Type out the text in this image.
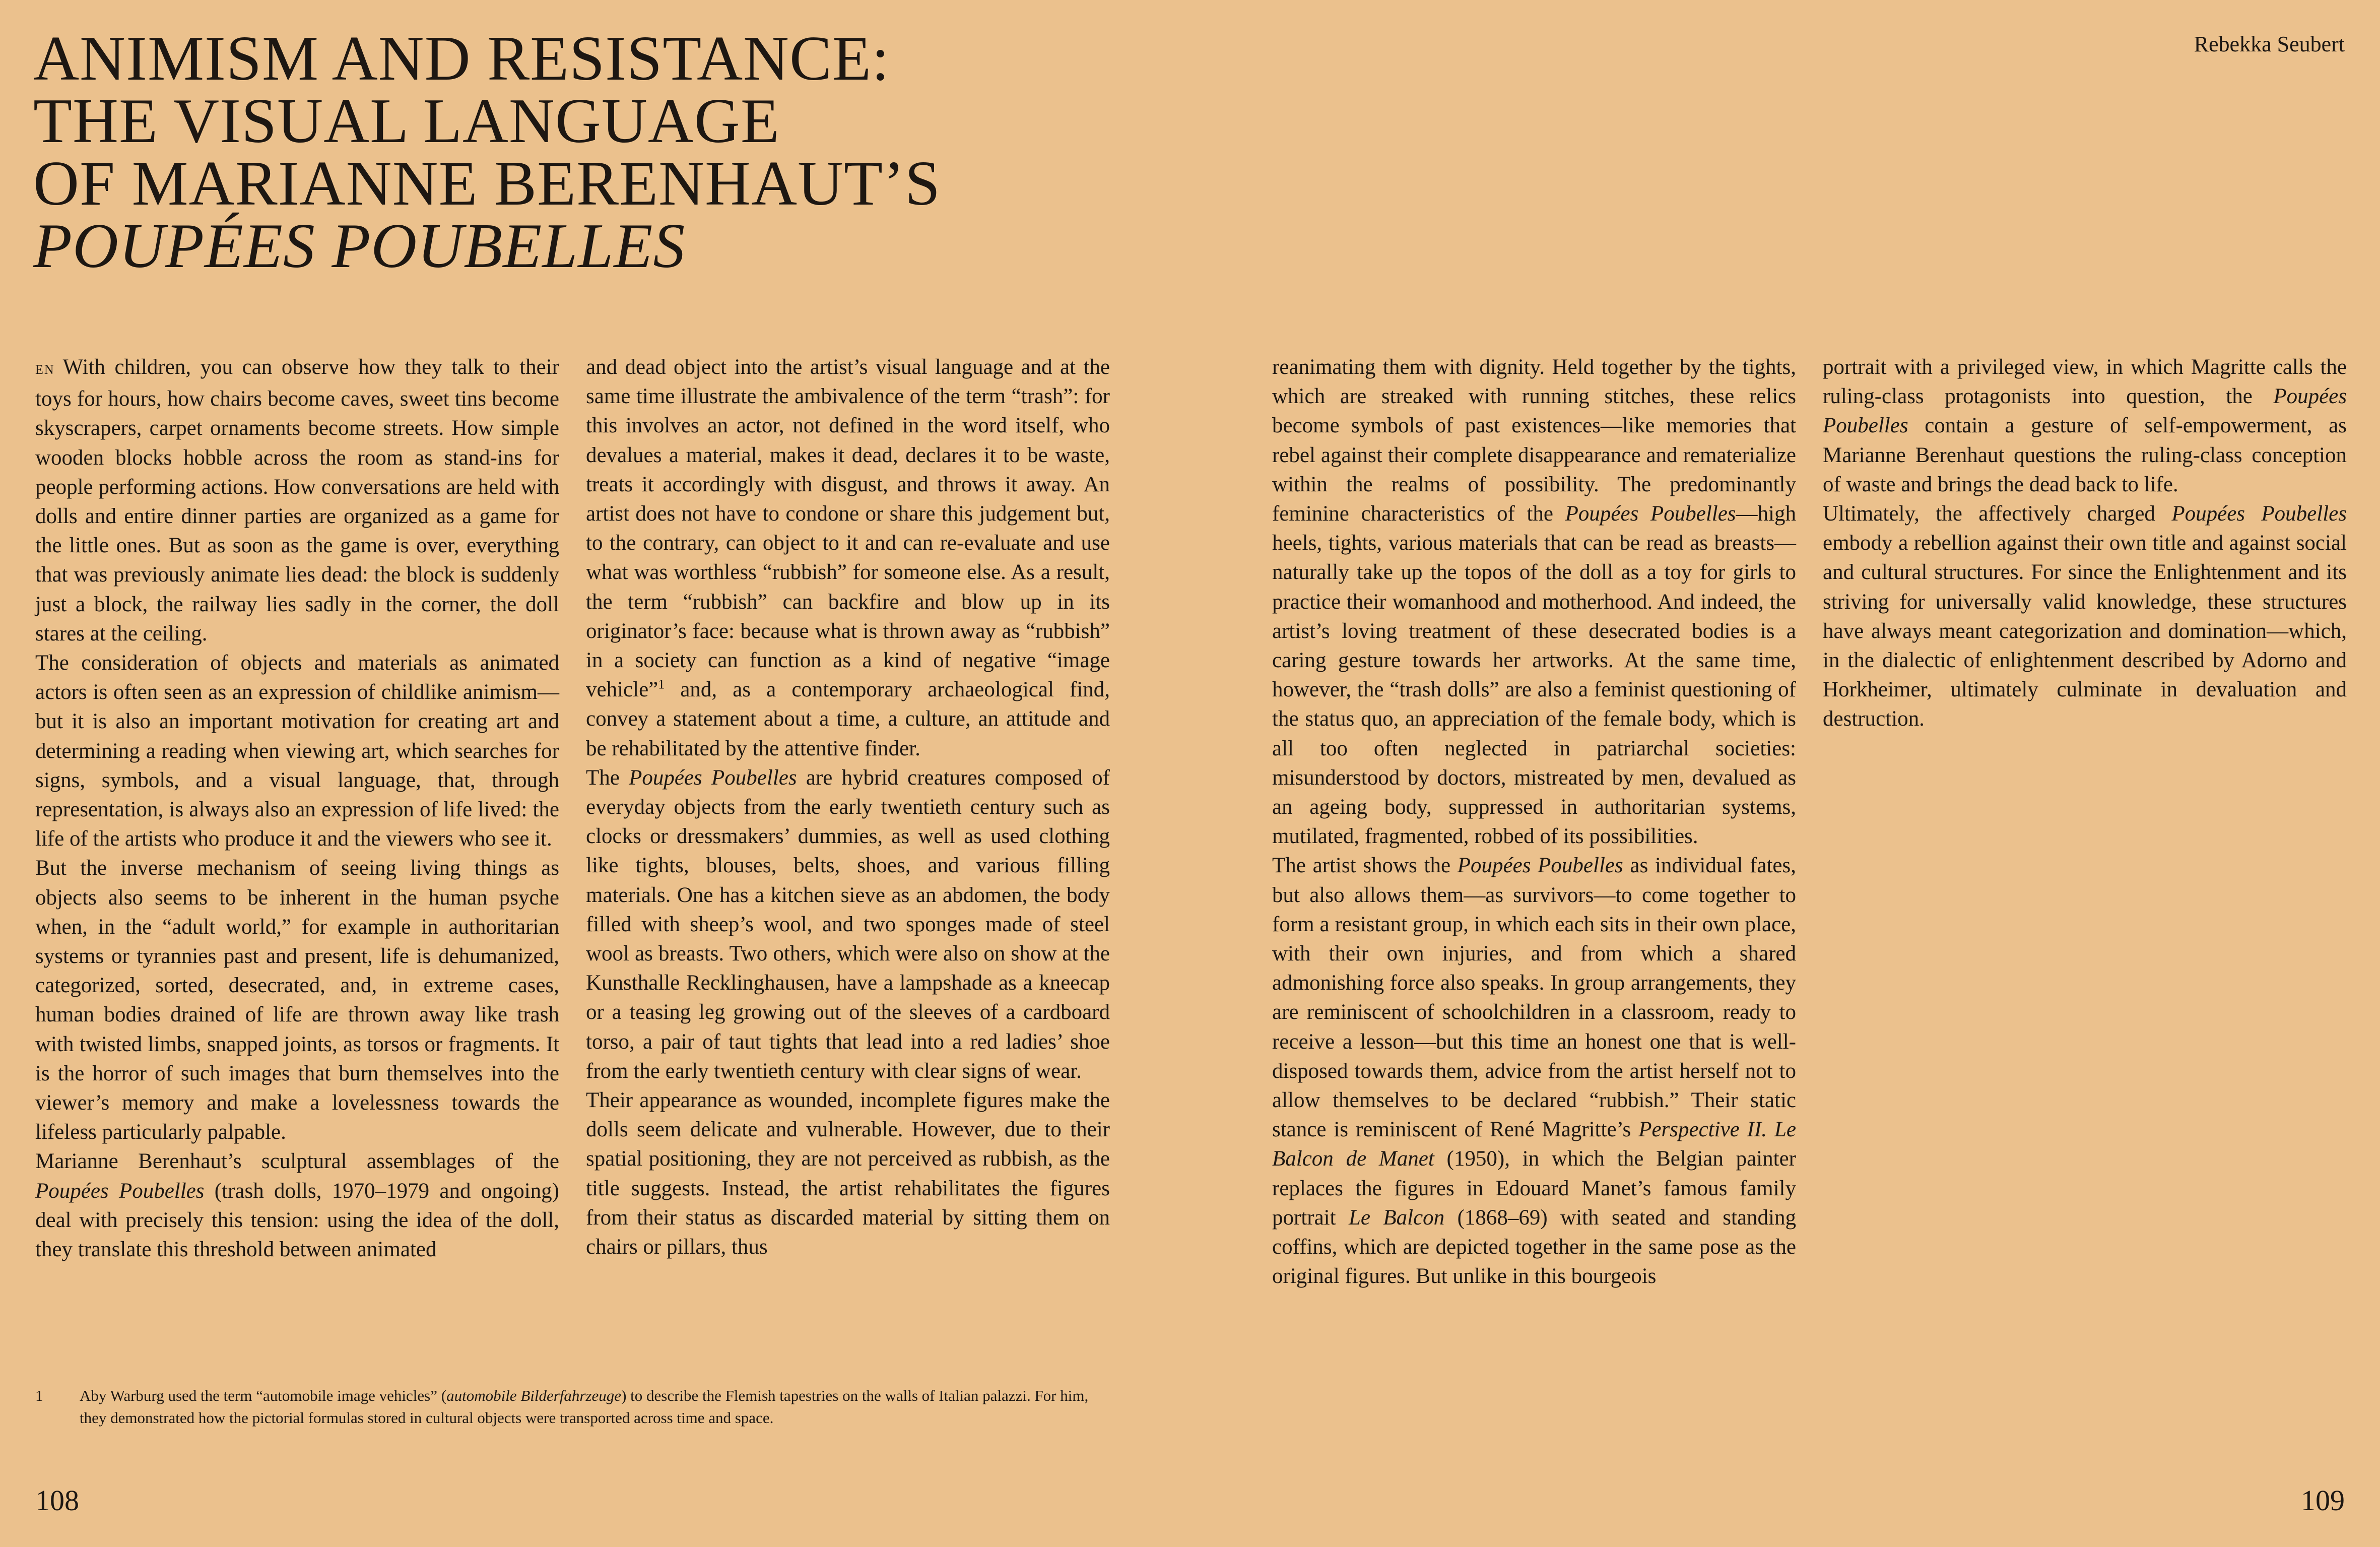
ANIMISM AND RESISTANCE:
THE VISUAL LANGUAGE
OF MARIANNE BERENHAUT’S
POUPÉES POUBELLES
Rebekka Seubert

EN With children, you can observe how they talk to their toys for hours, how chairs become caves, sweet tins become skyscrapers, carpet ornaments become streets. How simple wooden blocks hobble across the room as stand-ins for people performing actions. How conversations are held with dolls and entire dinner parties are organized as a game for the little ones. But as soon as the game is over, everything that was previously animate lies dead: the block is suddenly just a block, the railway lies sadly in the corner, the doll stares at the ceiling.

The consideration of objects and materials as animated actors is often seen as an expression of childlike animism—but it is also an important motivation for creating art and determining a reading when viewing art, which searches for signs, symbols, and a visual language, that, through representation, is always also an expression of life lived: the life of the artists who produce it and the viewers who see it.

But the inverse mechanism of seeing living things as objects also seems to be inherent in the human psyche when, in the “adult world,” for example in authoritarian systems or tyrannies past and present, life is dehumanized, categorized, sorted, desecrated, and, in extreme cases, human bodies drained of life are thrown away like trash with twisted limbs, snapped joints, as torsos or fragments. It is the horror of such images that burn themselves into the viewer’s memory and make a lovelessness towards the lifeless particularly palpable.

Marianne Berenhaut’s sculptural assemblages of the Poupées Poubelles (trash dolls, 1970–1979 and ongoing) deal with precisely this tension: using the idea of the doll, they translate this threshold between animated

and dead object into the artist’s visual language and at the same time illustrate the ambivalence of the term “trash”: for this involves an actor, not defined in the word itself, who devalues a material, makes it dead, declares it to be waste, treats it accordingly with disgust, and throws it away. An artist does not have to condone or share this judgement but, to the contrary, can object to it and can re-evaluate and use what was worthless “rubbish” for someone else. As a result, the term “rubbish” can backfire and blow up in its originator’s face: because what is thrown away as “rubbish” in a society can function as a kind of negative “image vehicle”$^1$ and, as a contemporary archaeological find, convey a statement about a time, a culture, an attitude and be rehabilitated by the attentive finder.

The Poupées Poubelles are hybrid creatures composed of everyday objects from the early twentieth century such as clocks or dressmakers’ dummies, as well as used clothing like tights, blouses, belts, shoes, and various filling materials. One has a kitchen sieve as an abdomen, the body filled with sheep’s wool, and two sponges made of steel wool as breasts. Two others, which were also on show at the Kunsthalle Recklinghausen, have a lampshade as a kneecap or a teasing leg growing out of the sleeves of a cardboard torso, a pair of taut tights that lead into a red ladies’ shoe from the early twentieth century with clear signs of wear.

Their appearance as wounded, incomplete figures make the dolls seem delicate and vulnerable. However, due to their spatial positioning, they are not perceived as rubbish, as the title suggests. Instead, the artist rehabilitates the figures from their status as discarded material by sitting them on chairs or pillars, thus

reanimating them with dignity. Held together by the tights, which are streaked with running stitches, these relics become symbols of past existences—like memories that rebel against their complete disappearance and rematerialize within the realms of possibility. The predominantly feminine characteristics of the Poupées Poubelles—high heels, tights, various materials that can be read as breasts—naturally take up the topos of the doll as a toy for girls to practice their womanhood and motherhood. And indeed, the artist’s loving treatment of these desecrated bodies is a caring gesture towards her artworks. At the same time, however, the “trash dolls” are also a feminist questioning of the status quo, an appreciation of the female body, which is all too often neglected in patriarchal societies: misunderstood by doctors, mistreated by men, devalued as an ageing body, suppressed in authoritarian systems, mutilated, fragmented, robbed of its possibilities.

The artist shows the Poupées Poubelles as individual fates, but also allows them—as survivors—to come together to form a resistant group, in which each sits in their own place, with their own injuries, and from which a shared admonishing force also speaks. In group arrangements, they are reminiscent of schoolchildren in a classroom, ready to receive a lesson—but this time an honest one that is well-disposed towards them, advice from the artist herself not to allow themselves to be declared “rubbish.” Their static stance is reminiscent of René Magritte’s Perspective II. Le Balcon de Manet (1950), in which the Belgian painter replaces the figures in Edouard Manet’s famous family portrait Le Balcon (1868–69) with seated and standing coffins, which are depicted together in the same pose as the original figures. But unlike in this bourgeois

portrait with a privileged view, in which Magritte calls the ruling-class protagonists into question, the Poupées Poubelles contain a gesture of self-empowerment, as Marianne Berenhaut questions the ruling-class conception of waste and brings the dead back to life.

Ultimately, the affectively charged Poupées Poubelles embody a rebellion against their own title and against social and cultural structures. For since the Enlightenment and its striving for universally valid knowledge, these structures have always meant categorization and domination—which, in the dialectic of enlightenment described by Adorno and Horkheimer, ultimately culminate in devaluation and destruction.

1 Aby Warburg used the term “automobile image vehicles” (automobile Bilderfahrzeuge) to describe the Flemish tapestries on the walls of Italian palazzi. For him, they demonstrated how the pictorial formulas stored in cultural objects were transported across time and space.
108	109
